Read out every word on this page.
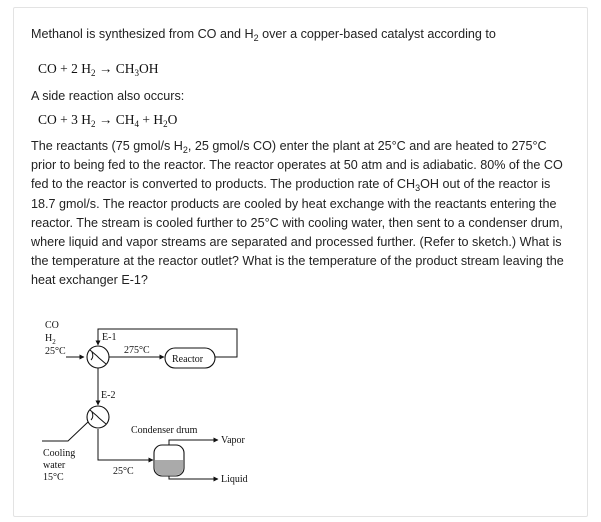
Methanol is synthesized from CO and $H_2$ over a copper-based catalyst according to
CO + 2 $H_2 \to CH_3OH$
A side reaction also occurs:
CO + 3 $H_2 \to CH_4 + H_2O$
The reactants (75 gmol/s $H_2$, 25 gmol/s CO) enter the plant at 25°C and are heated to 275°C
prior to being fed to the reactor. The reactor operates at 50 atm and is adiabatic. 80% of the CO
fed to the reactor is converted to products. The production rate of $CH_3OH$ out of the reactor is
18.7 gmol/s. The reactor products are cooled by heat exchange with the reactants entering the
reactor. The stream is cooled further to 25°C with cooling water, then sent to a condenser drum,
where liquid and vapor streams are separated and processed further. (Refer to sketch.) What is
the temperature at the reactor outlet? What is the temperature of the product stream leaving the
heat exchanger E-1?
CO
$H_2$
25°C
E-1
275°C
Reactor
E-2
Cooling
water
15°C
25°C
Condenser drum
Vapor
Liquid
